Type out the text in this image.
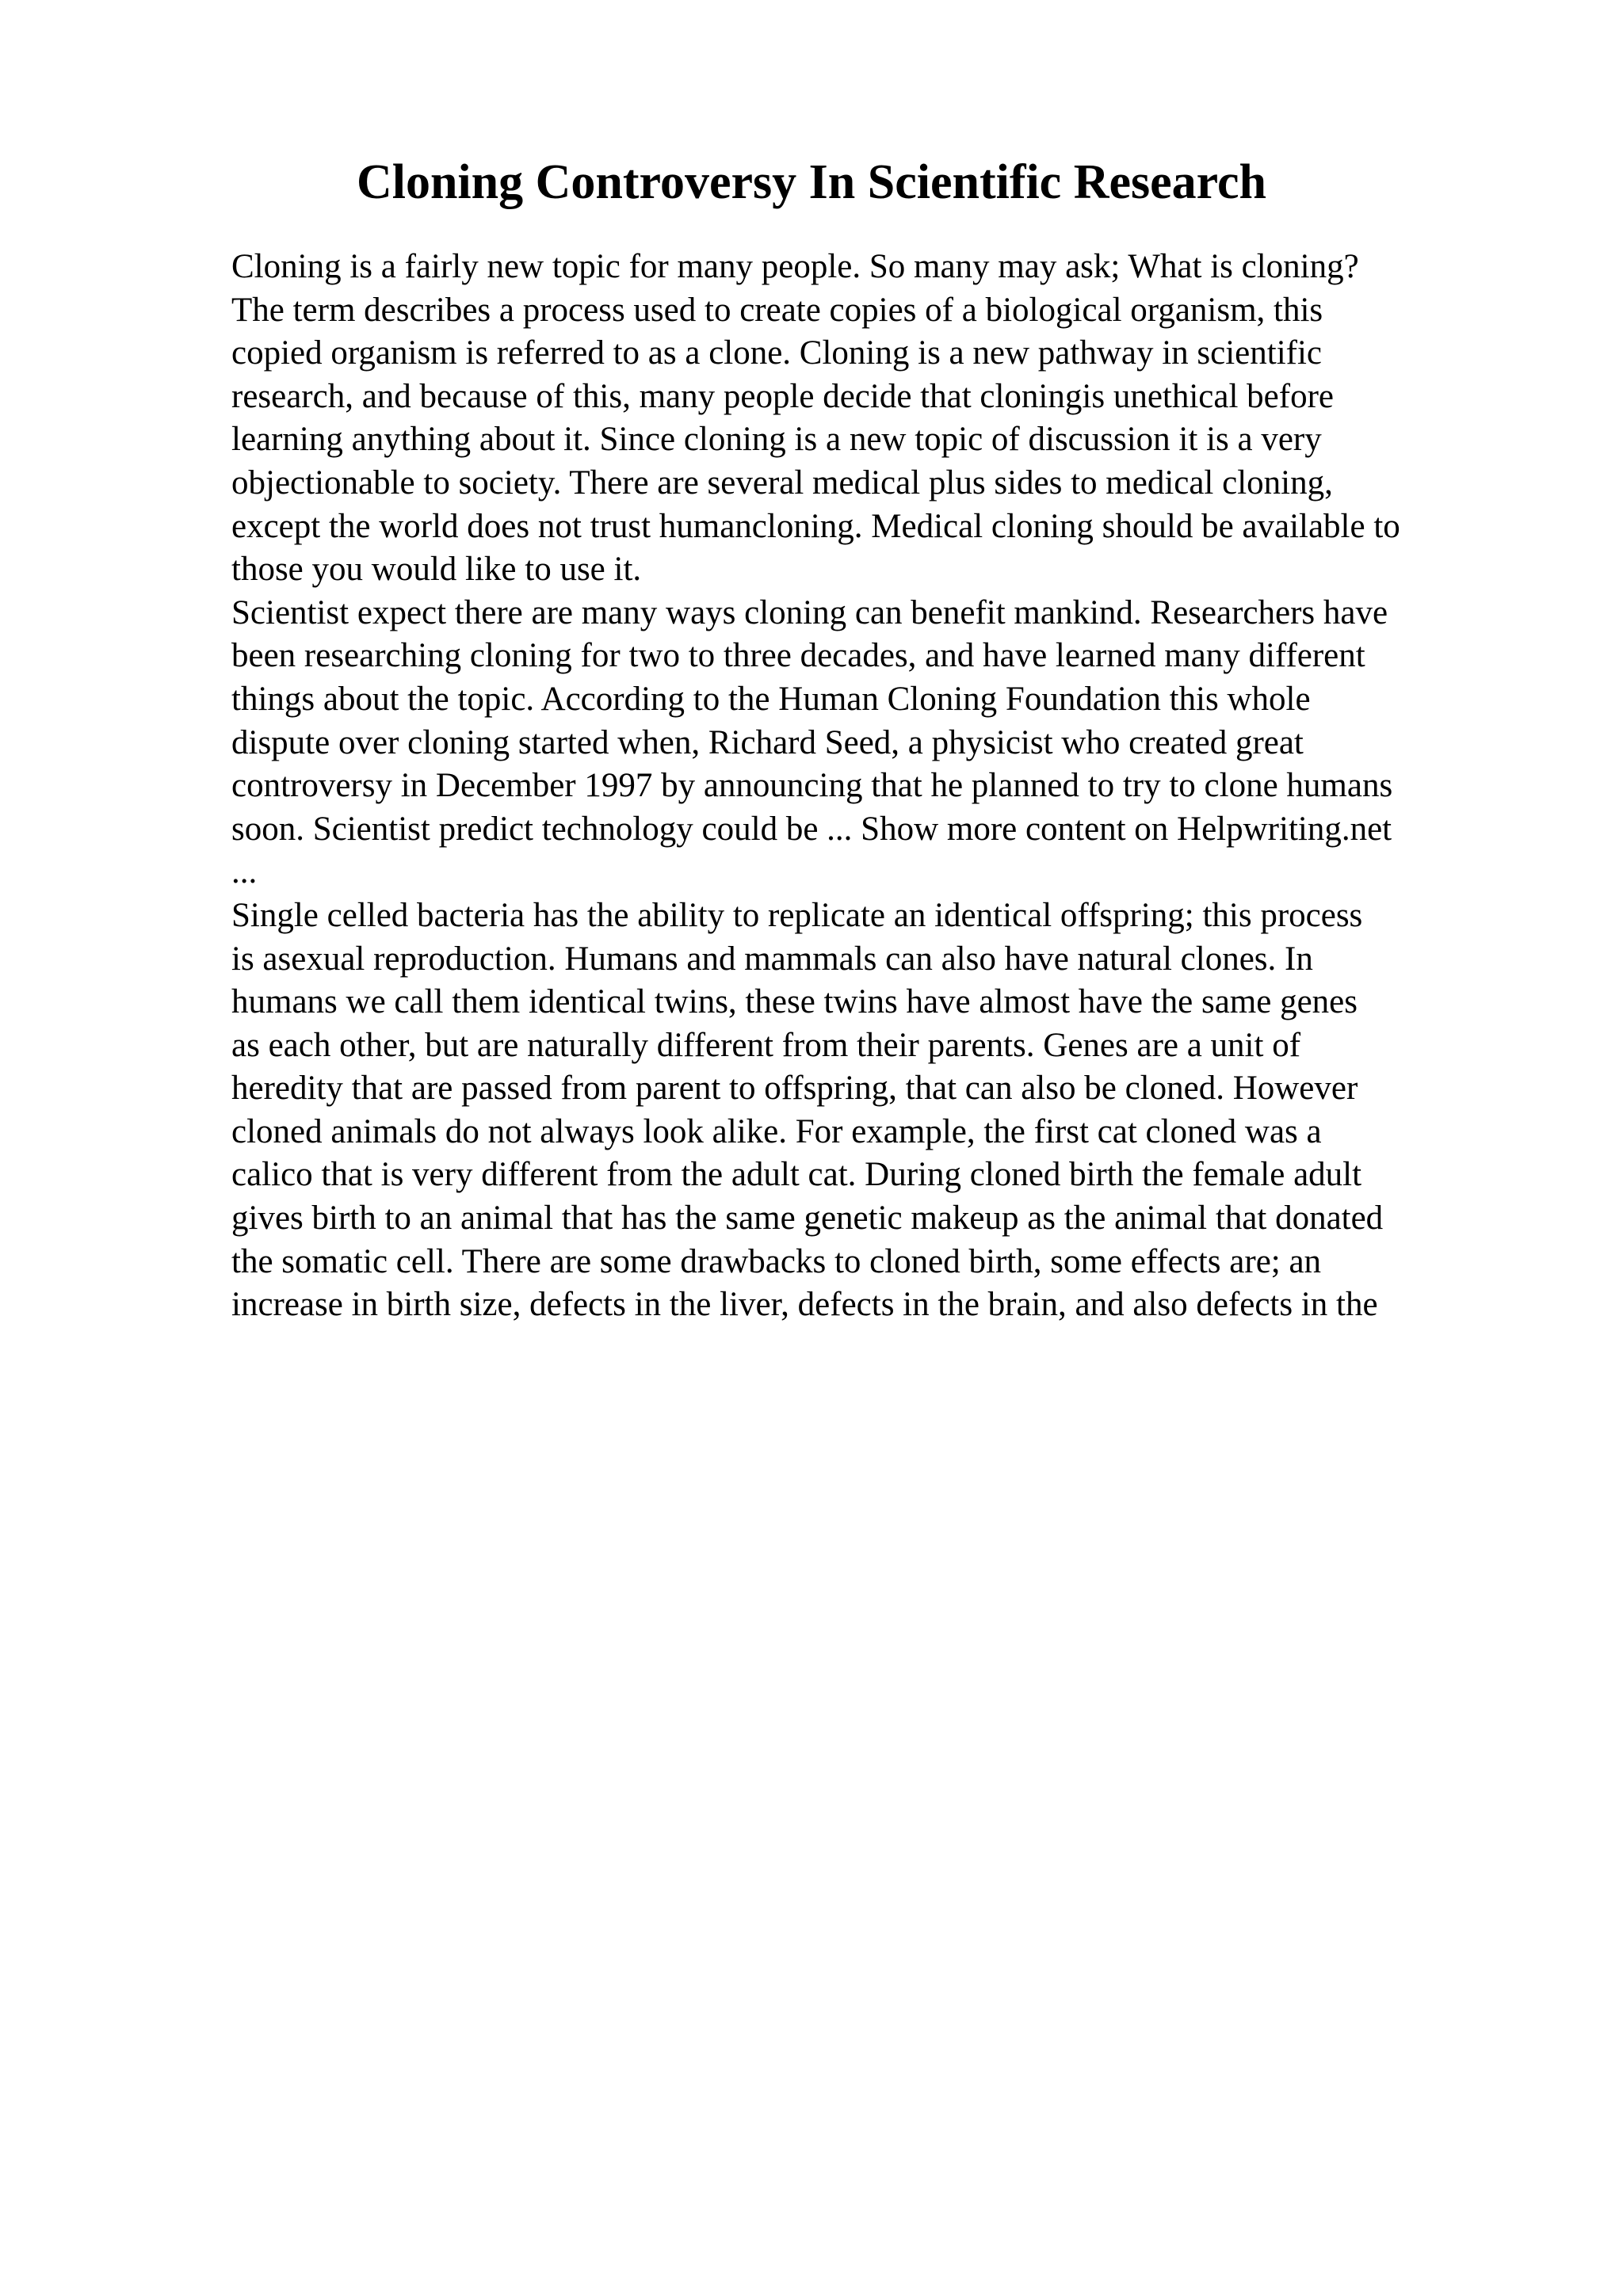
Cloning Controversy In Scientific Research
Cloning is a fairly new topic for many people. So many may ask; What is cloning?
The term describes a process used to create copies of a biological organism, this
copied organism is referred to as a clone. Cloning is a new pathway in scientific
research, and because of this, many people decide that cloningis unethical before
learning anything about it. Since cloning is a new topic of discussion it is a very
objectionable to society. There are several medical plus sides to medical cloning,
except the world does not trust humancloning. Medical cloning should be available to
those you would like to use it.
Scientist expect there are many ways cloning can benefit mankind. Researchers have
been researching cloning for two to three decades, and have learned many different
things about the topic. According to the Human Cloning Foundation this whole
dispute over cloning started when, Richard Seed, a physicist who created great
controversy in December 1997 by announcing that he planned to try to clone humans
soon. Scientist predict technology could be ... Show more content on Helpwriting.net
...
Single celled bacteria has the ability to replicate an identical offspring; this process
is asexual reproduction. Humans and mammals can also have natural clones. In
humans we call them identical twins, these twins have almost have the same genes
as each other, but are naturally different from their parents. Genes are a unit of
heredity that are passed from parent to offspring, that can also be cloned. However
cloned animals do not always look alike. For example, the first cat cloned was a
calico that is very different from the adult cat. During cloned birth the female adult
gives birth to an animal that has the same genetic makeup as the animal that donated
the somatic cell. There are some drawbacks to cloned birth, some effects are; an
increase in birth size, defects in the liver, defects in the brain, and also defects in the
